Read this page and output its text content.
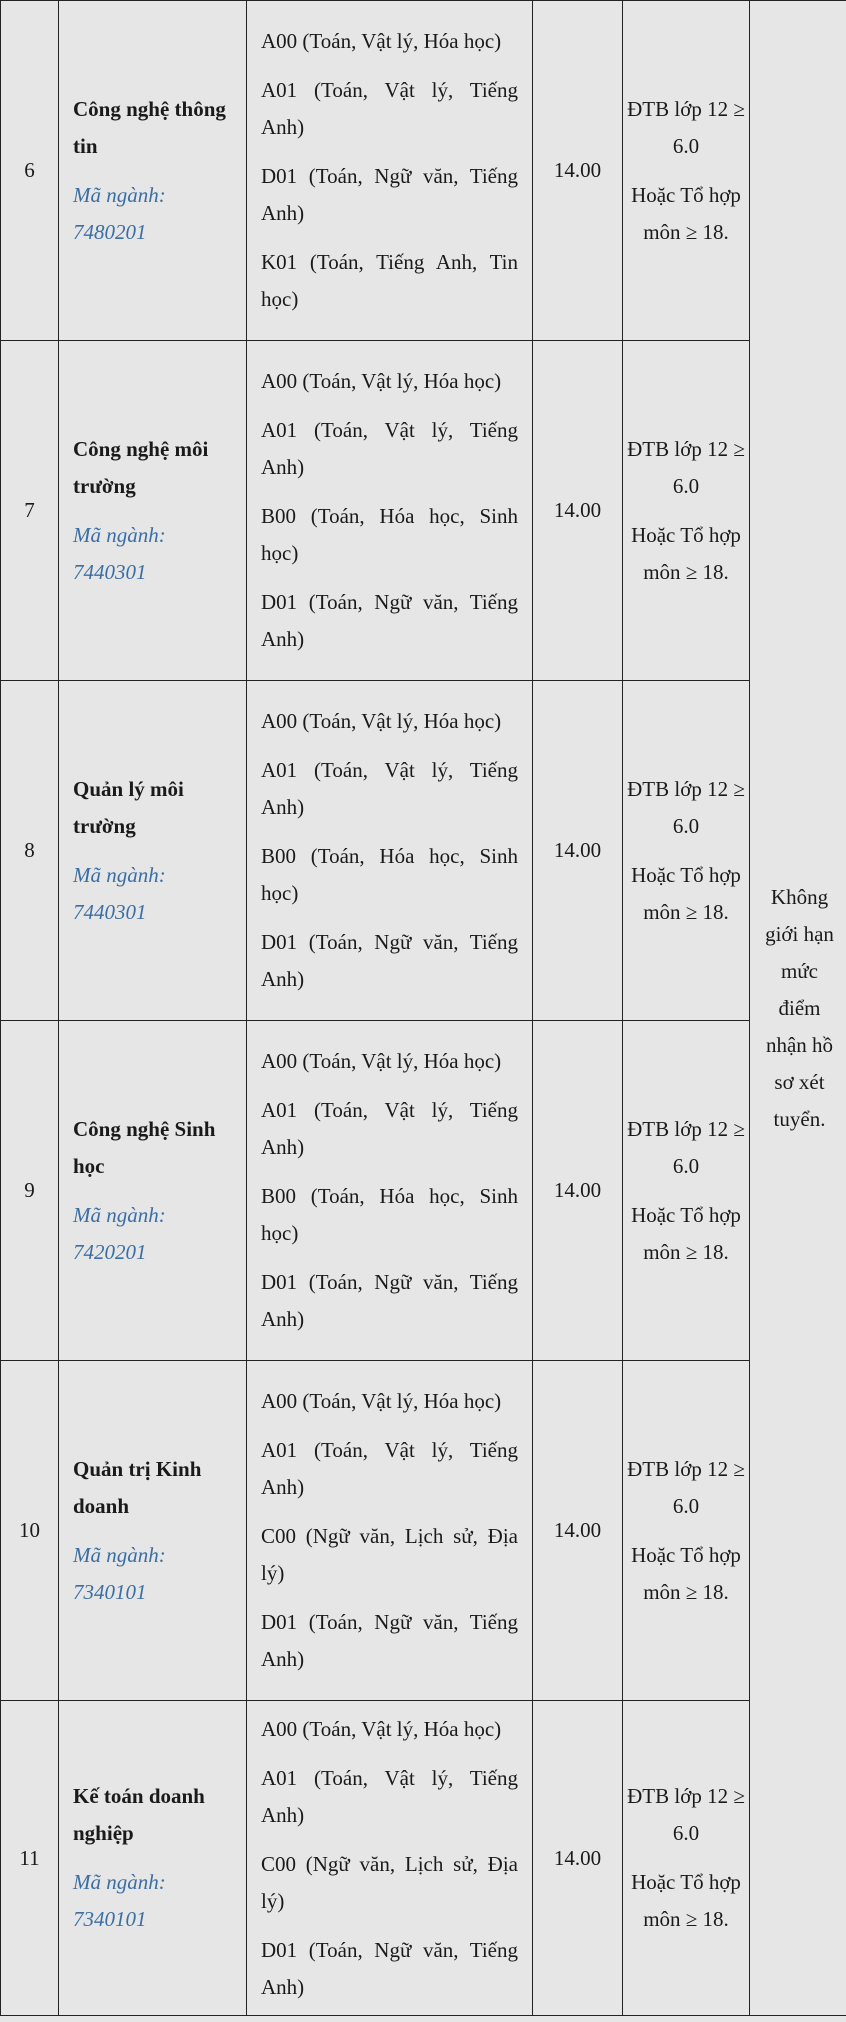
6	Công nghệ thông tin
Mã ngành: 7480201	A00 (Toán, Vật lý, Hóa học)
A01 (Toán, Vật lý, Tiếng Anh)
D01 (Toán, Ngữ văn, Tiếng Anh)
K01 (Toán, Tiếng Anh, Tin học)	14.00	ĐTB lớp 12 ≥ 6.0
Hoặc Tổ hợp môn ≥ 18.	Không giới hạn mức điểm nhận hồ sơ xét tuyển.
7	Công nghệ môi trường
Mã ngành: 7440301	A00 (Toán, Vật lý, Hóa học)
A01 (Toán, Vật lý, Tiếng Anh)
B00 (Toán, Hóa học, Sinh học)
D01 (Toán, Ngữ văn, Tiếng Anh)	14.00	ĐTB lớp 12 ≥ 6.0
Hoặc Tổ hợp môn ≥ 18.	

8	Quản lý môi trường
Mã ngành: 7440301	A00 (Toán, Vật lý, Hóa học)
A01 (Toán, Vật lý, Tiếng Anh)
B00 (Toán, Hóa học, Sinh học)
D01 (Toán, Ngữ văn, Tiếng Anh)	14.00	ĐTB lớp 12 ≥ 6.0
Hoặc Tổ hợp môn ≥ 18.	

9	Công nghệ Sinh học
Mã ngành: 7420201	A00 (Toán, Vật lý, Hóa học)
A01 (Toán, Vật lý, Tiếng Anh)
B00 (Toán, Hóa học, Sinh học)
D01 (Toán, Ngữ văn, Tiếng Anh)	14.00	ĐTB lớp 12 ≥ 6.0
Hoặc Tổ hợp môn ≥ 18.	

10	Quản trị Kinh doanh
Mã ngành: 7340101	A00 (Toán, Vật lý, Hóa học)
A01 (Toán, Vật lý, Tiếng Anh)
C00 (Ngữ văn, Lịch sử, Địa lý)
D01 (Toán, Ngữ văn, Tiếng Anh)	14.00	ĐTB lớp 12 ≥ 6.0
Hoặc Tổ hợp môn ≥ 18.	

11	Kế toán doanh nghiệp
Mã ngành: 7340101	A00 (Toán, Vật lý, Hóa học)
A01 (Toán, Vật lý, Tiếng Anh)
C00 (Ngữ văn, Lịch sử, Địa lý)
D01 (Toán, Ngữ văn, Tiếng Anh)	14.00	ĐTB lớp 12 ≥ 6.0
Hoặc Tổ hợp môn ≥ 18.	
